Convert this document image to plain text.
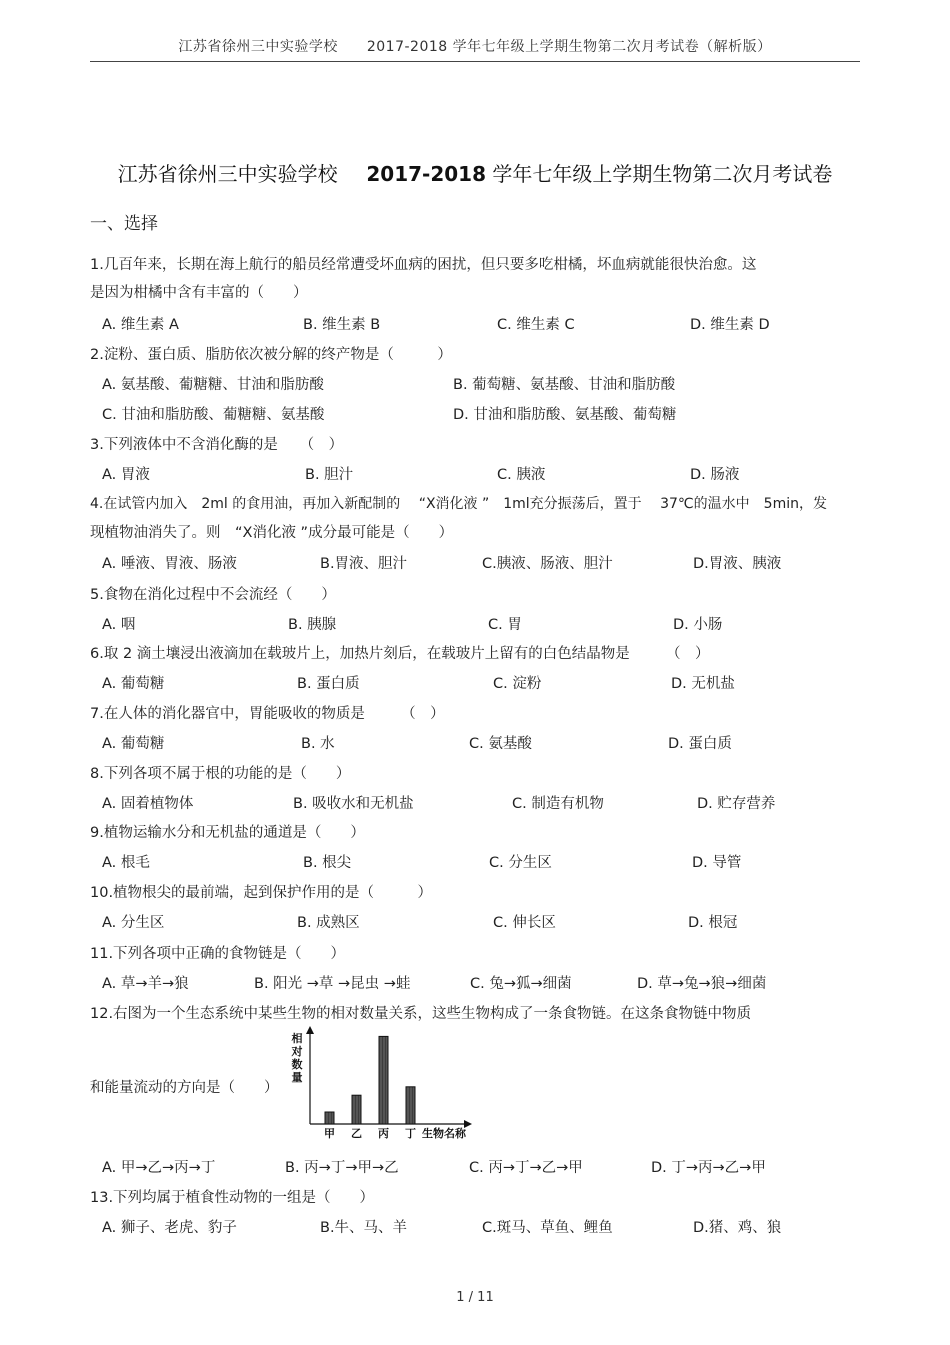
江苏省徐州三中实验学校　　2017-2018 学年七年级上学期生物第二次月考试卷（解析版）
江苏省徐州三中实验学校 2017-2018 学年七年级上学期生物第二次月考试卷
一、选择
1.几百年来，长期在海上航行的船员经常遭受坏血病的困扰，但只要多吃柑橘，坏血病就能很快治愈。这
是因为柑橘中含有丰富的（　　）
A. 维生素 A	B. 维生素 B	C. 维生素 C	D. 维生素 D
2.淀粉、蛋白质、脂肪依次被分解的终产物是（　　　）
A. 氨基酸、葡糖糖、甘油和脂肪酸	B. 葡萄糖、氨基酸、甘油和脂肪酸
C. 甘油和脂肪酸、葡糖糖、氨基酸	D. 甘油和脂肪酸、氨基酸、葡萄糖
3.下列液体中不含消化酶的是　　（　）
A. 胃液	B. 胆汁	C. 胰液	D. 肠液
4.在试管内加入　2ml 的食用油，再加入新配制的　 “X消化液 ”　1ml充分振荡后，置于　 37℃的温水中　5min，发
现植物油消失了。则　“X消化液 ”成分最可能是（　　）
A. 唾液、胃液、肠液	B.胃液、胆汁	C.胰液、肠液、胆汁	D.胃液、胰液
5.食物在消化过程中不会流经（　　）
A. 咽	B. 胰腺	C. 胃	D. 小肠
6.取 2 滴土壤浸出液滴加在载玻片上，加热片刻后，在载玻片上留有的白色结晶物是　　　（　）
A. 葡萄糖	B. 蛋白质	C. 淀粉	D. 无机盐
7.在人体的消化器官中，胃能吸收的物质是　　　（　）
A. 葡萄糖	B. 水	C. 氨基酸	D. 蛋白质
8.下列各项不属于根的功能的是（　　）
A. 固着植物体	B. 吸收水和无机盐	C. 制造有机物	D. 贮存营养
9.植物运输水分和无机盐的通道是（　　）
A. 根毛	B. 根尖	C. 分生区	D. 导管
10.植物根尖的最前端，起到保护作用的是（　　　）
A. 分生区	B. 成熟区	C. 伸长区	D. 根冠
11.下列各项中正确的食物链是（　　）
A. 草→羊→狼	B. 阳光 →草 →昆虫 →蛙	C. 兔→狐→细菌	D. 草→兔→狼→细菌
12.右图为一个生态系统中某些生物的相对数量关系，这些生物构成了一条食物链。在这条食物链中物质
和能量流动的方向是（　　）
相
对
数
量
甲 乙 丙 丁 生物名称
A. 甲→乙→丙→丁	B. 丙→丁→甲→乙	C. 丙→丁→乙→甲	D. 丁→丙→乙→甲
13.下列均属于植食性动物的一组是（　　）
A. 狮子、老虎、豹子	B.牛、马、羊	C.斑马、草鱼、鲤鱼	D.猪、鸡、狼
1 / 11
